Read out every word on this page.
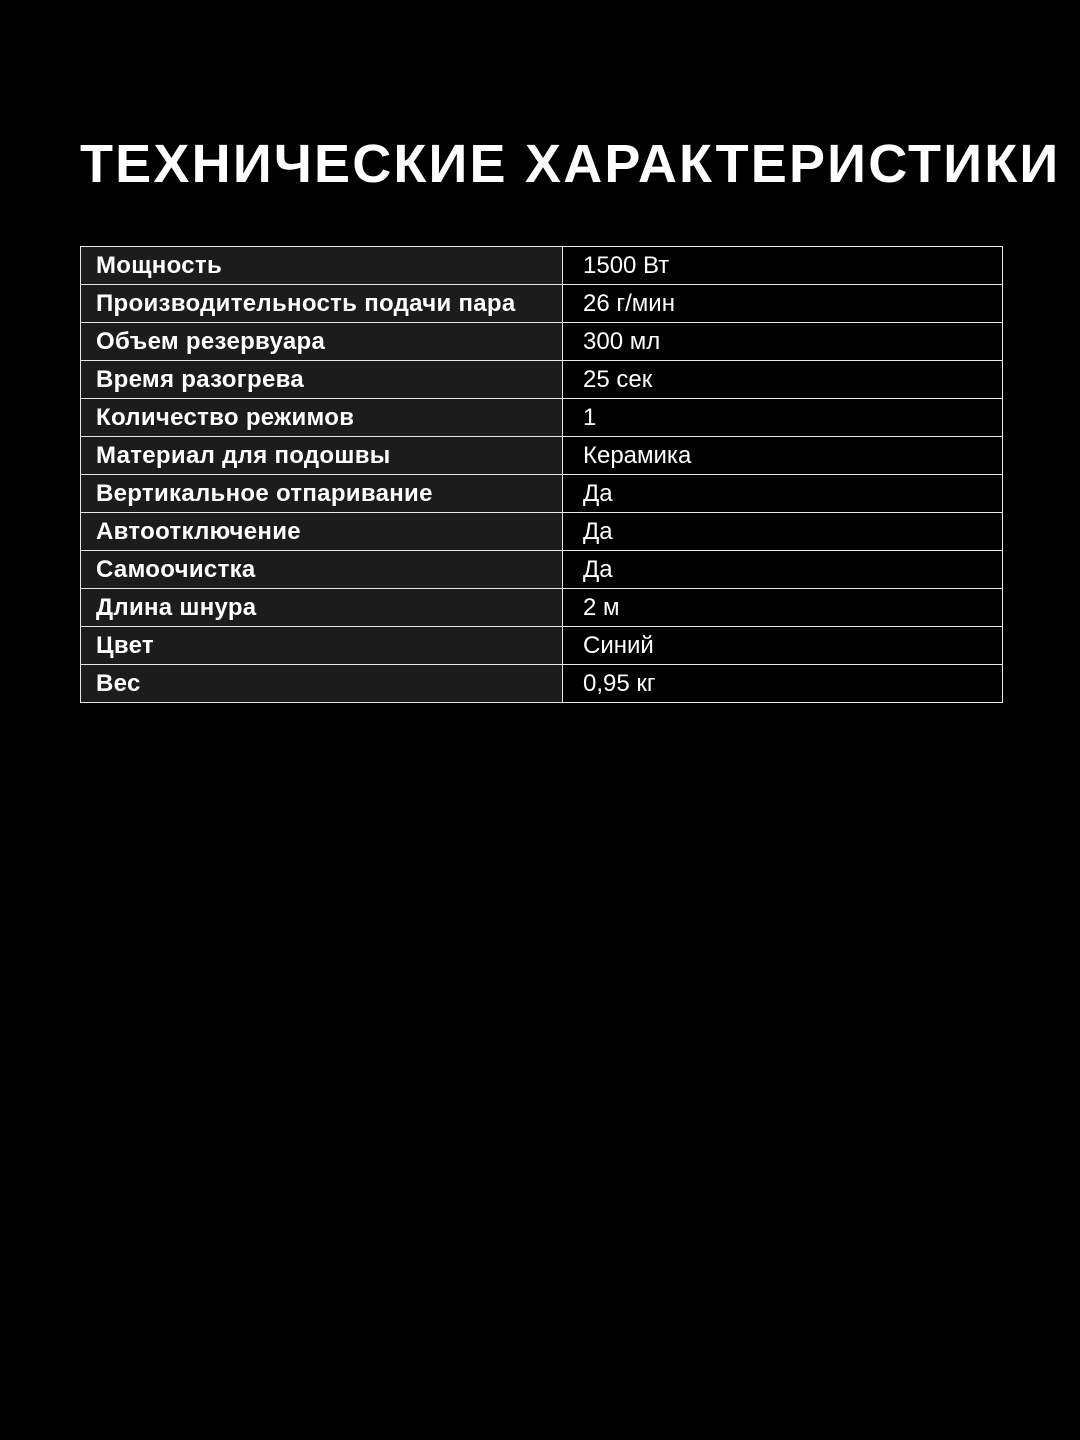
ТЕХНИЧЕСКИЕ ХАРАКТЕРИСТИКИ
Мощность	1500 Вт
Производительность подачи пара	26 г/мин
Объем резервуара	300 мл
Время разогрева	25 сек
Количество режимов	1
Материал для подошвы	Керамика
Вертикальное отпаривание	Да
Автоотключение	Да
Самоочистка	Да
Длина шнура	2 м
Цвет	Синий
Вес	0,95 кг
